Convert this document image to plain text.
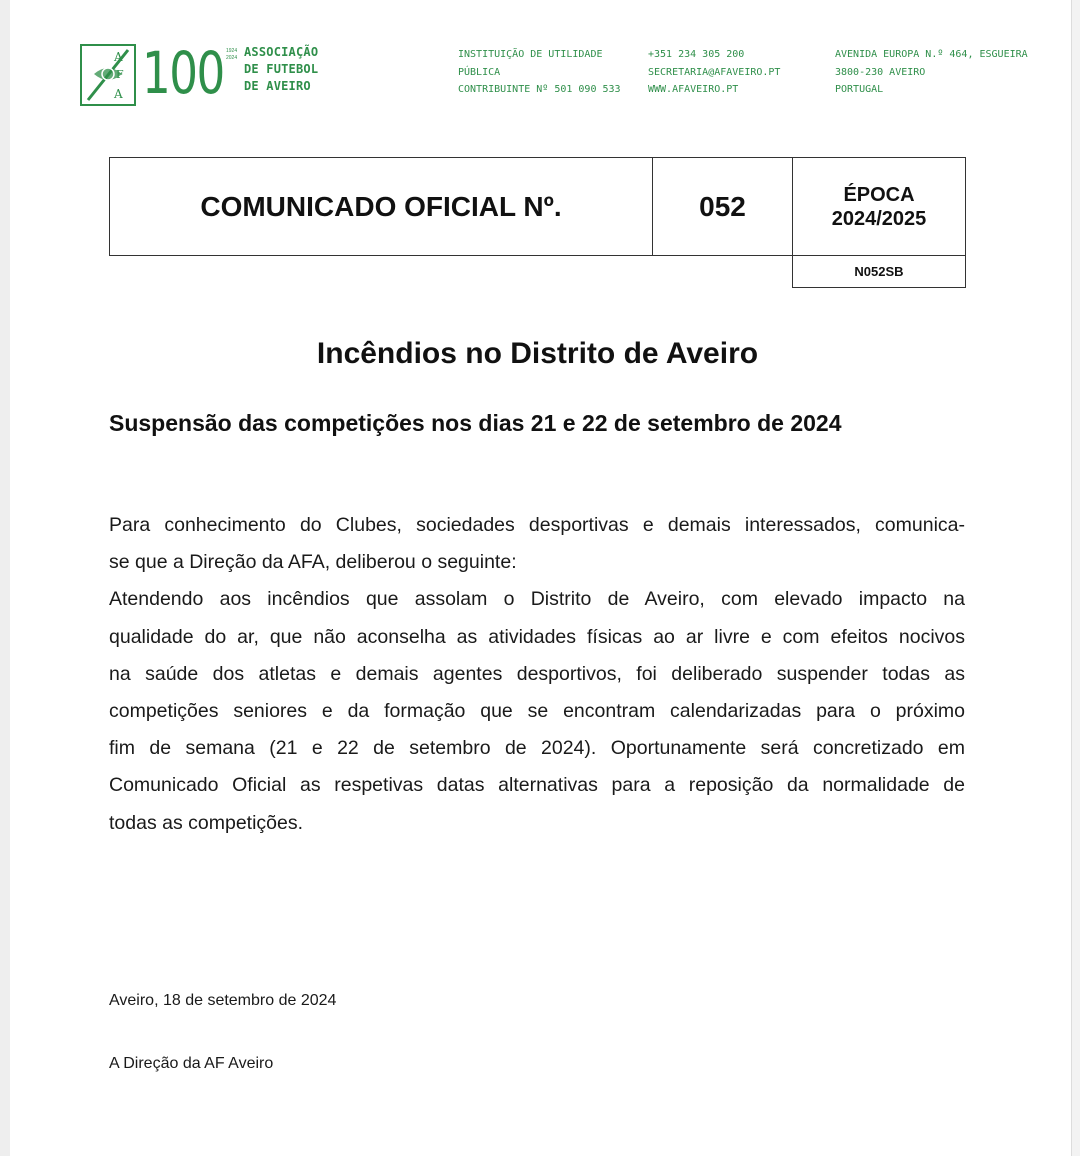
A
F
A 100 1924
2024 ASSOCIAÇÃO
DE FUTEBOL
DE AVEIRO
INSTITUIÇÃO DE UTILIDADE
PÚBLICA
CONTRIBUINTE Nº 501 090 533
+351 234 305 200
SECRETARIA@AFAVEIRO.PT
WWW.AFAVEIRO.PT
AVENIDA EUROPA N.º 464, ESGUEIRA
3800-230 AVEIRO
PORTUGAL
COMUNICADO OFICIAL Nº.	052	ÉPOCA
2024/2025
N052SB
Incêndios no Distrito de Aveiro
Suspensão das competições nos dias 21 e 22 de setembro de 2024
Para conhecimento do Clubes, sociedades desportivas e demais interessados, comunica-
se que a Direção da AFA, deliberou o seguinte:
Atendendo aos incêndios que assolam o Distrito de Aveiro, com elevado impacto na
qualidade do ar, que não aconselha as atividades físicas ao ar livre e com efeitos nocivos
na saúde dos atletas e demais agentes desportivos, foi deliberado suspender todas as
competições seniores e da formação que se encontram calendarizadas para o próximo
fim de semana (21 e 22 de setembro de 2024). Oportunamente será concretizado em
Comunicado Oficial as respetivas datas alternativas para a reposição da normalidade de
todas as competições.
Aveiro, 18 de setembro de 2024
A Direção da AF Aveiro
